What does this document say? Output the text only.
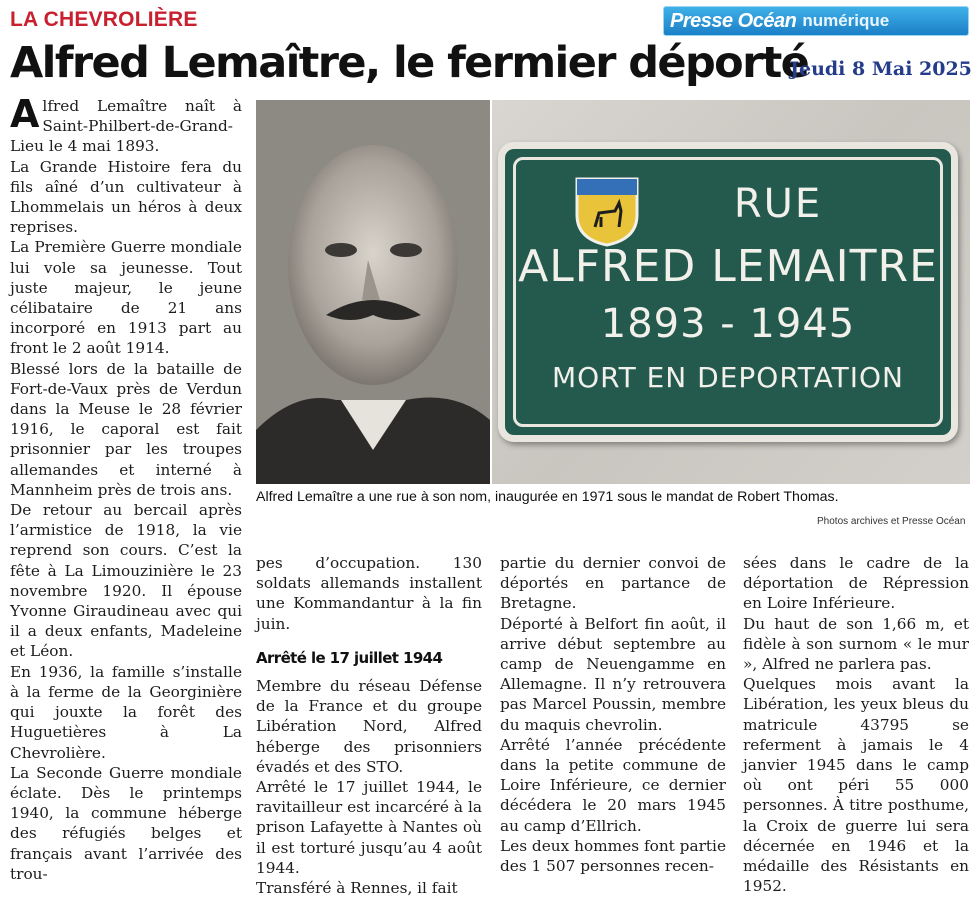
LA CHEVROLIÈRE	Presse Océan numérique
Alfred Lemaître, le fermier déporté
Jeudi 8 Mai 2025
RUE
ALFRED LEMAITRE
1893 - 1945
MORT EN DEPORTATION
Alfred Lemaître a une rue à son nom, inaugurée en 1971 sous le mandat de Robert Thomas.
Photos archives et Presse Océan

Alfred Lemaître naît à Saint-Philbert-de-Grand-Lieu le 4 mai 1893.

La Grande Histoire fera du fils aîné d’un cultivateur à Lhommelais un héros à deux reprises.

La Première Guerre mondiale lui vole sa jeunesse. Tout juste majeur, le jeune célibataire de 21 ans incorporé en 1913 part au front le 2 août 1914.

Blessé lors de la bataille de Fort-de-Vaux près de Verdun dans la Meuse le 28 février 1916, le caporal est fait prisonnier par les troupes allemandes et interné à Mannheim près de trois ans.

De retour au bercail après l’armistice de 1918, la vie reprend son cours. C’est la fête à La Limouzinière le 23 novembre 1920. Il épouse Yvonne Giraudineau avec qui il a deux enfants, Madeleine et Léon.

En 1936, la famille s’installe à la ferme de la Georginière qui jouxte la forêt des Huguetières à La Chevrolière.

La Seconde Guerre mondiale éclate. Dès le printemps 1940, la commune héberge des réfugiés belges et français avant l’arrivée des trou-

pes d’occupation. 130 soldats allemands installent une Kommandantur à la fin juin.

Arrêté le 17 juillet 1944

Membre du réseau Défense de la France et du groupe Libération Nord, Alfred héberge des prisonniers évadés et des STO.

Arrêté le 17 juillet 1944, le ravitailleur est incarcéré à la prison Lafayette à Nantes où il est torturé jusqu’au 4 août 1944.

Transféré à Rennes, il fait

partie du dernier convoi de déportés en partance de Bretagne.

Déporté à Belfort fin août, il arrive début septembre au camp de Neuengamme en Allemagne. Il n’y retrouvera pas Marcel Poussin, membre du maquis chevrolin.

Arrêté l’année précédente dans la petite commune de Loire Inférieure, ce dernier décédera le 20 mars 1945 au camp d’Ellrich.

Les deux hommes font partie des 1 507 personnes recen-

sées dans le cadre de la déportation de Répression en Loire Inférieure.

Du haut de son 1,66 m, et fidèle à son surnom « le mur », Alfred ne parlera pas.

Quelques mois avant la Libération, les yeux bleus du matricule 43795 se referment à jamais le 4 janvier 1945 dans le camp où ont péri 55 000 personnes. À titre posthume, la Croix de guerre lui sera décernée en 1946 et la médaille des Résistants en 1952.
